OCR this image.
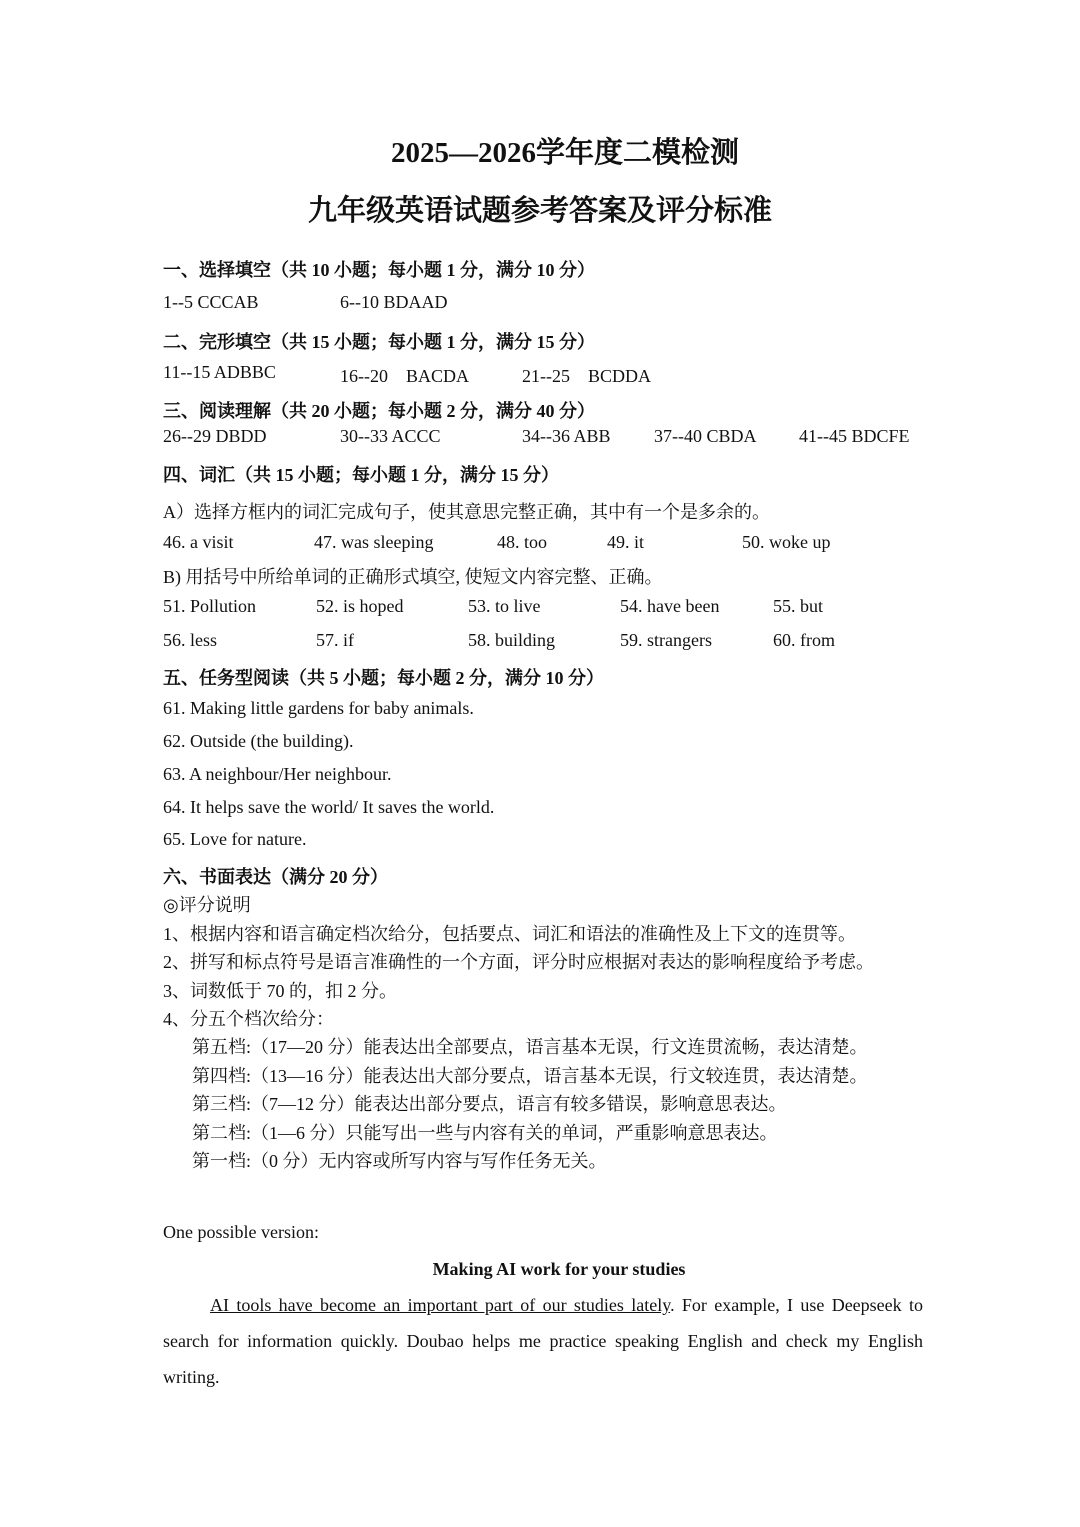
2025—2026学年度二模检测
九年级英语试题参考答案及评分标准
一、选择填空（共 10 小题；每小题 1 分，满分 10 分）
1--5 CCCAB	6--10 BDAAD
二、完形填空（共 15 小题；每小题 1 分，满分 15 分）
11--15 ADBBC	16--20　BACDA	21--25　BCDDA
三、阅读理解（共 20 小题；每小题 2 分，满分 40 分）
26--29 DBDD	30--33 ACCC	34--36 ABB 37--40 CBDA 41--45 BDCFE
四、词汇（共 15 小题；每小题 1 分，满分 15 分）
A）选择方框内的词汇完成句子，使其意思完整正确，其中有一个是多余的。
46. a visit	47. was sleeping	48. too	49. it	50. woke up
B) 用括号中所给单词的正确形式填空, 使短文内容完整、正确。
51. Pollution	52. is hoped	53. to live	54. have been	55. but
56. less	57. if	58. building	59. strangers	60. from
五、任务型阅读（共 5 小题；每小题 2 分，满分 10 分）
61. Making little gardens for baby animals.
62. Outside (the building).
63. A neighbour/Her neighbour.
64. It helps save the world/ It saves the world.
65. Love for nature.
六、书面表达（满分 20 分）
◎评分说明
1、根据内容和语言确定档次给分，包括要点、词汇和语法的准确性及上下文的连贯等。
2、拼写和标点符号是语言准确性的一个方面，评分时应根据对表达的影响程度给予考虑。
3、词数低于 70 的，扣 2 分。
4、分五个档次给分：
第五档:（17—20 分）能表达出全部要点，语言基本无误，行文连贯流畅，表达清楚。
第四档:（13—16 分）能表达出大部分要点，语言基本无误，行文较连贯，表达清楚。
第三档:（7—12 分）能表达出部分要点，语言有较多错误，影响意思表达。
第二档:（1—6 分）只能写出一些与内容有关的单词，严重影响意思表达。
第一档:（0 分）无内容或所写内容与写作任务无关。
One possible version:
Making AI work for your studies
AI tools have become an important part of our studies lately. For example, I use Deepseek to search for information quickly. Doubao helps me practice speaking English and check my English writing.
